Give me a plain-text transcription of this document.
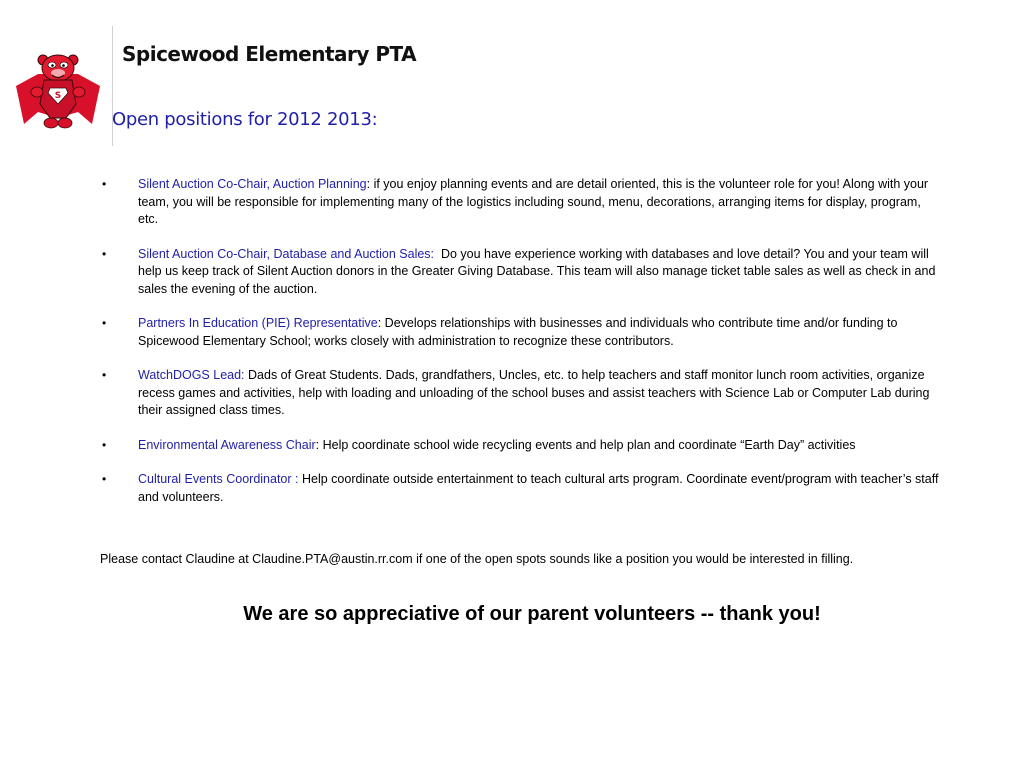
S
Spicewood Elementary PTA
Open positions for 2012 2013:
•	Silent Auction Co-Chair, Auction Planning: if you enjoy planning events and are detail oriented, this is the volunteer role for you! Along with your team, you will be responsible for implementing many of the logistics including sound, menu, decorations, arranging items for display, program, etc.
•	Silent Auction Co-Chair, Database and Auction Sales: Do you have experience working with databases and love detail? You and your team will help us keep track of Silent Auction donors in the Greater Giving Database. This team will also manage ticket table sales as well as check in and sales the evening of the auction.
•	Partners In Education (PIE) Representative: Develops relationships with businesses and individuals who contribute time and/or funding to Spicewood Elementary School; works closely with administration to recognize these contributors.
•	WatchDOGS Lead: Dads of Great Students. Dads, grandfathers, Uncles, etc. to help teachers and staff monitor lunch room activities, organize recess games and activities, help with loading and unloading of the school buses and assist teachers with Science Lab or Computer Lab during their assigned class times.
•	Environmental Awareness Chair: Help coordinate school wide recycling events and help plan and coordinate “Earth Day” activities
•	Cultural Events Coordinator : Help coordinate outside entertainment to teach cultural arts program. Coordinate event/program with teacher’s staff and volunteers.

Please contact Claudine at Claudine.PTA@austin.rr.com if one of the open spots sounds like a position you would be interested in filling.

We are so appreciative of our parent volunteers -- thank you!
